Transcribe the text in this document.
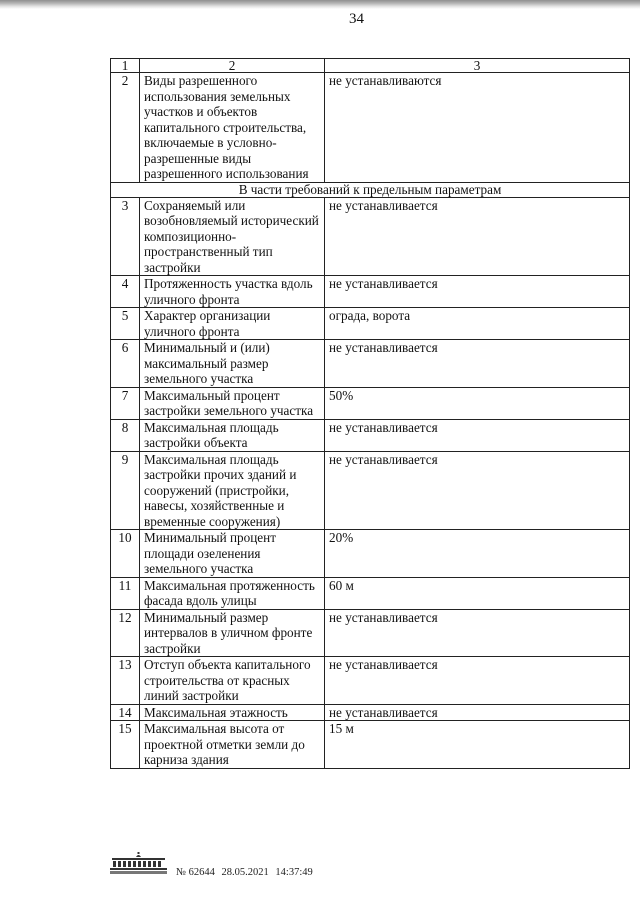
34
1	2	3
2	Виды разрешенного использования земельных участков и объектов капитального строительства, включаемые в условно-разрешенные виды разрешенного использования	не устанавливаются
В части требований к предельным параметрам		
3	Сохраняемый или возобновляемый исторический композиционно-пространственный тип застройки	не устанавливается
4	Протяженность участка вдоль уличного фронта	не устанавливается
5	Характер организации уличного фронта	ограда, ворота
6	Минимальный и (или) максимальный размер земельного участка	не устанавливается
7	Максимальный процент застройки земельного участка	50%
8	Максимальная площадь застройки объекта	не устанавливается
9	Максимальная площадь застройки прочих зданий и сооружений (пристройки, навесы, хозяйственные и временные сооружения)	не устанавливается
10	Минимальный процент площади озеленения земельного участка	20%
11	Максимальная протяженность фасада вдоль улицы	60 м
12	Минимальный размер интервалов в уличном фронте застройки	не устанавливается
13	Отступ объекта капитального строительства от красных линий застройки	не устанавливается
14	Максимальная этажность	не устанавливается
15	Максимальная высота от проектной отметки земли до карниза здания	15 м
№ 62644 28.05.2021 14:37:49
